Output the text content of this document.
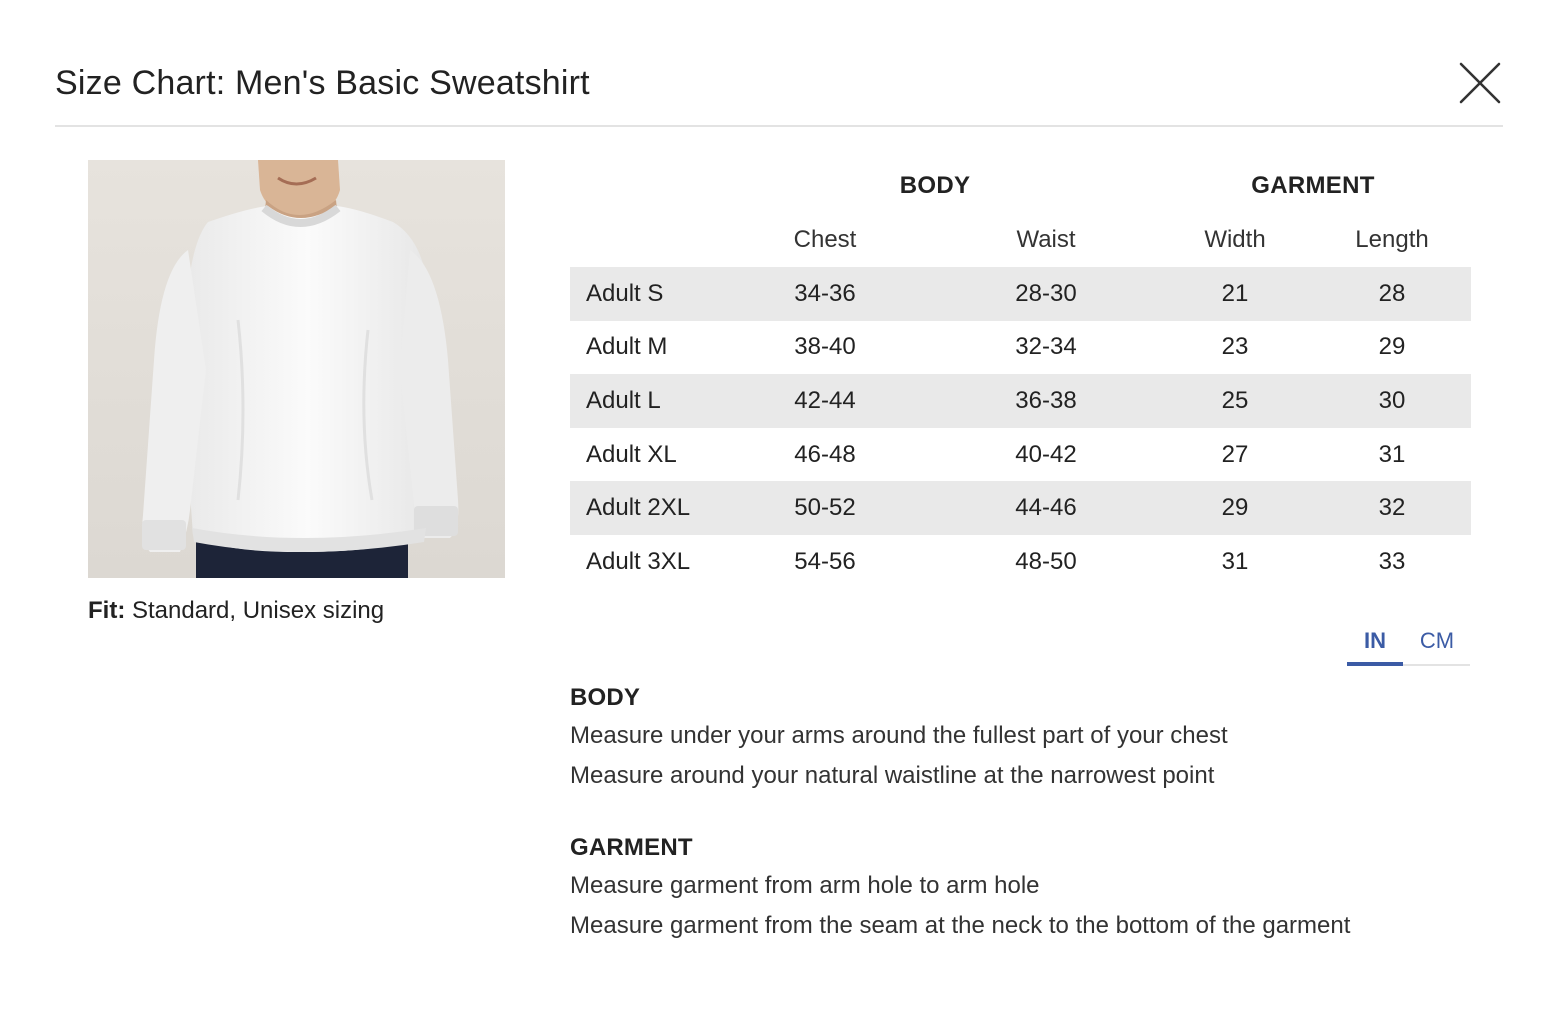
Size Chart: Men's Basic Sweatshirt
Fit: Standard, Unisex sizing
BODY	GARMENT
Chest	Waist	Width	Length
Adult S	34-36	28-30	21	28
Adult M	38-40	32-34	23	29
Adult L	42-44	36-38	25	30
Adult XL	46-48	40-42	27	31
Adult 2XL	50-52	44-46	29	32
Adult 3XL	54-56	48-50	31	33
IN	CM
BODY
Measure under your arms around the fullest part of your chest
Measure around your natural waistline at the narrowest point
GARMENT
Measure garment from arm hole to arm hole
Measure garment from the seam at the neck to the bottom of the garment
